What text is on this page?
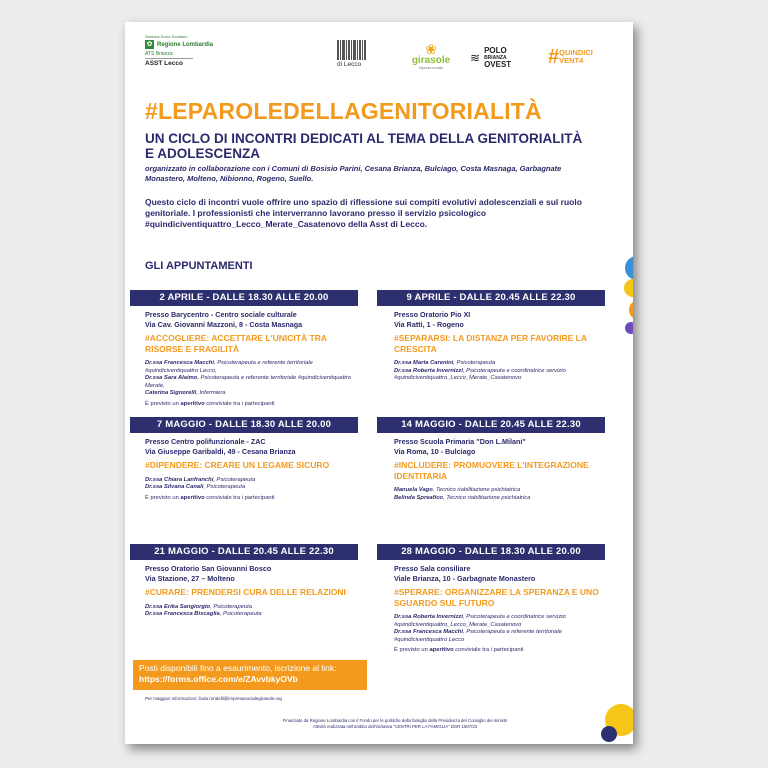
Sistema Socio Sanitario
✿ Regione Lombardia
ATS Brianza
ASST Lecco	di Lecco
❀
girasole
impresa sociale
≋ POLO
BRIANZA
OVEST # QUINDICI
VENT4
#LEPAROLEDELLAGENITORIALITÀ
UN CICLO DI INCONTRI DEDICATI AL TEMA DELLA GENITORIALITÀ E ADOLESCENZA
organizzato in collaborazione con i Comuni di Bosisio Parini, Cesana Brianza, Bulciago, Costa Masnaga, Garbagnate Monastero, Molteno, Nibionno, Rogeno, Suello.
Questo ciclo di incontri vuole offrire uno spazio di riflessione sui compiti evolutivi adolescenziali e sul ruolo genitoriale. I professionisti che interverranno lavorano presso il servizio psicologico #quindiciventiquattro_Lecco_Merate_Casatenovo della Asst di Lecco.
GLI APPUNTAMENTI
2 APRILE - DALLE 18.30 ALLE 20.00
Presso Barycentro - Centro sociale culturale
Via Cav. Giovanni Mazzoni, 8 - Costa Masnaga
#ACCOGLIERE: ACCETTARE L'UNICITÀ TRA RISORSE E FRAGILITÀ
Dr.ssa Francesca Macchi, Psicoterapeuta e referente territoriale #quindiciventiquattro Lecco,
Dr.ssa Sara Alaimo, Psicoterapeuta e referente territoriale #quindiciventiquattro Merate,
Caterina Signorelli, Infermiera
È previsto un aperitivo conviviale tra i partecipanti
9 APRILE - DALLE 20.45 ALLE 22.30
Presso Oratorio Pio XI
Via Ratti, 1 - Rogeno
#SEPARARSI: LA DISTANZA PER FAVORIRE LA CRESCITA
Dr.ssa Marta Carenini, Psicoterapeuta
Dr.ssa Roberta Invernizzi, Psicoterapeuta e coordinatrice servizio #quindiciventiquattro_Lecco_Merate_Casatenovo
7 MAGGIO - DALLE 18.30 ALLE 20.00
Presso Centro polifunzionale - ZAC
Via Giuseppe Garibaldi, 49 - Cesana Brianza
#DIPENDERE: CREARE UN LEGAME SICURO
Dr.ssa Chiara Lanfranchi, Psicoterapeuta
Dr.ssa Silvana Canali, Psicoterapeuta
È previsto un aperitivo conviviale tra i partecipanti
14 MAGGIO - DALLE 20.45 ALLE 22.30
Presso Scuola Primaria "Don L.Milani"
Via Roma, 10 - Bulciago
#INCLUDERE: PROMUOVERE L'INTEGRAZIONE IDENTITARIA
Manuela Vago, Tecnico riabilitazione psichiatrica
Belinda Spreafico, Tecnico riabilitazione psichiatrica
21 MAGGIO - DALLE 20.45 ALLE 22.30
Presso Oratorio San Giovanni Bosco
Via Stazione, 27 – Molteno
#CURARE: PRENDERSI CURA DELLE RELAZIONI
Dr.ssa Erika Sangiorgio, Psicoterapeuta
Dr.ssa Francesca Biscaglia, Psicoterapeuta
28 MAGGIO - DALLE 18.30 ALLE 20.00
Presso Sala consiliare
Viale Brianza, 10 - Garbagnate Monastero
#SPERARE: ORGANIZZARE LA SPERANZA E UNO SGUARDO SUL FUTURO
Dr.ssa Roberta Invernizzi, Psicoterapeuta e coordinatrice servizio #quindiciventiquattro_Lecco_Merate_Casatenovo
Dr.ssa Francesca Macchi, Psicoterapeuta e referente territoriale #quindiciventiquattro Lecco
È previsto un aperitivo conviviale tra i partecipanti
Posti disponibili fino a esaurimento, iscrizione al link:
https://forms.office.com/e/ZAvvbkyOVb
Per maggiori informazioni: linda.rondelli@impresasocialegirasole.org
Finanziato da Regione Lombardia con il Fondo per le politiche della famiglia della Presidenza del Consiglio dei ministri
Attività realizzata nell'ambito dell'iniziativa "CENTRI PER LA FAMIGLIA" DGR 1507/23
